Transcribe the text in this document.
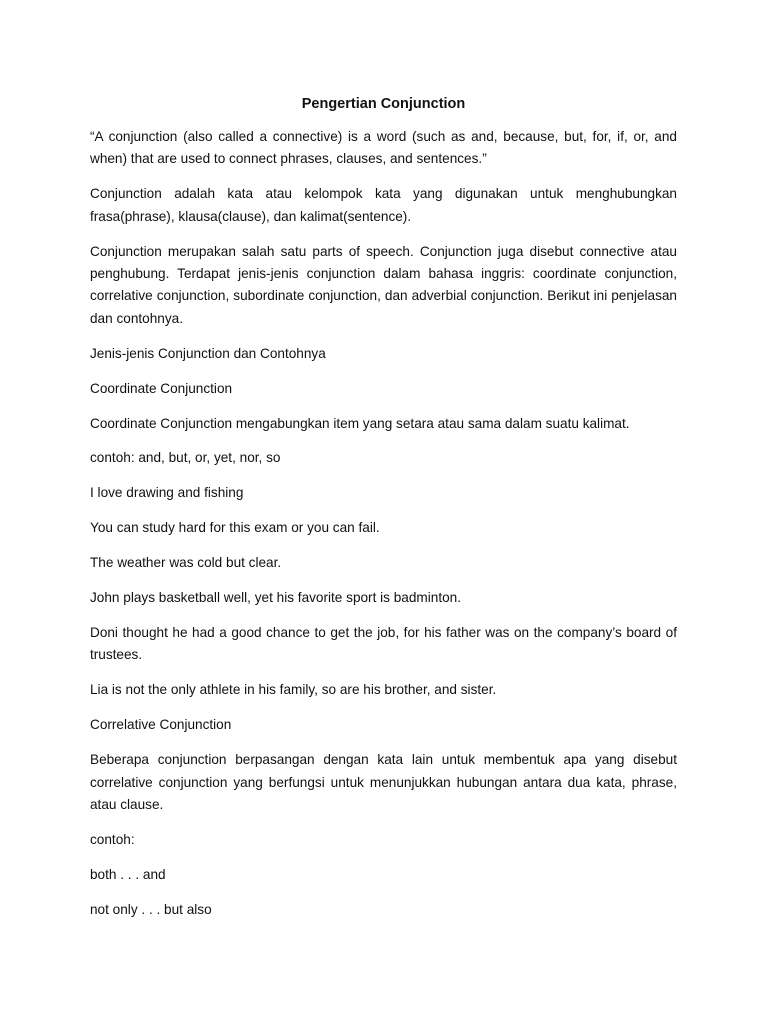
Pengertian Conjunction

“A conjunction (also called a connective) is a word (such as and, because, but, for, if, or, and when) that are used to connect phrases, clauses, and sentences.”

Conjunction adalah kata atau kelompok kata yang digunakan untuk menghubungkan frasa(phrase), klausa(clause), dan kalimat(sentence).

Conjunction merupakan salah satu parts of speech. Conjunction juga disebut connective atau penghubung. Terdapat jenis-jenis conjunction dalam bahasa inggris: coordinate conjunction, correlative conjunction, subordinate conjunction, dan adverbial conjunction. Berikut ini penjelasan dan contohnya.

Jenis-jenis Conjunction dan Contohnya

Coordinate Conjunction

Coordinate Conjunction mengabungkan item yang setara atau sama dalam suatu kalimat.

contoh: and, but, or, yet, nor, so

I love drawing and fishing

You can study hard for this exam or you can fail.

The weather was cold but clear.

John plays basketball well, yet his favorite sport is badminton.

Doni thought he had a good chance to get the job, for his father was on the company’s board of trustees.

Lia is not the only athlete in his family, so are his brother, and sister.

Correlative Conjunction

Beberapa conjunction berpasangan dengan kata lain untuk membentuk apa yang disebut correlative conjunction yang berfungsi untuk menunjukkan hubungan antara dua kata, phrase, atau clause.

contoh:

both . . . and

not only . . . but also
